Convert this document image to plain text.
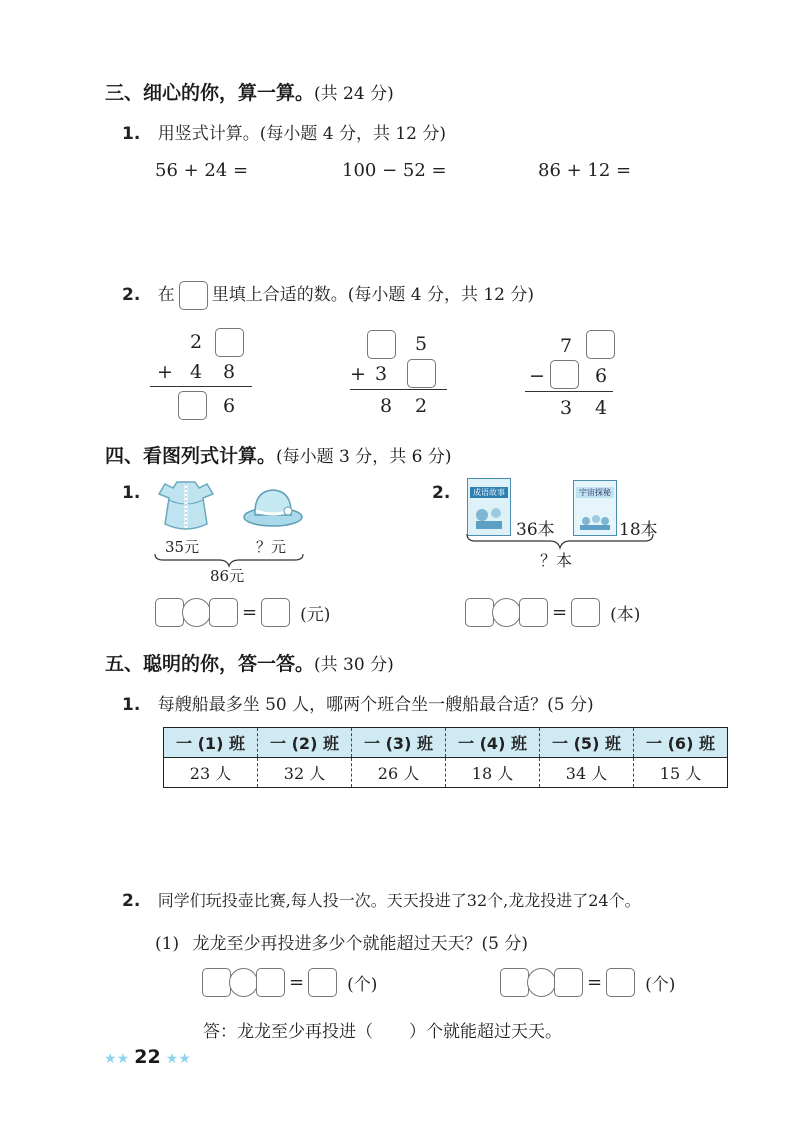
三、细心的你，算一算。(共 24 分)
1. 用竖式计算。(每小题 4 分，共 12 分)
56 + 24 =	100 − 52 =	86 + 12 =
2. 在 里填上合适的数。(每小题 4 分，共 12 分)
2
+ 4 8
6
5
+ 3
8 2
7
−	6
3 4
四、看图列式计算。(每小题 3 分，共 6 分)
1.
35元	？元
86元
=	(元)
2.	成语故事
36本
宇宙探秘
18本
？本
=	(本)
五、聪明的你，答一答。(共 30 分)
1. 每艘船最多坐 50 人，哪两个班合坐一艘船最合适？(5 分)
一 (1) 班	一 (2) 班	一 (3) 班	一 (4) 班	一 (5) 班	一 (6) 班
23 人	32 人	26 人	18 人	34 人	15 人
2. 同学们玩投壶比赛,每人投一次。天天投进了32个,龙龙投进了24个。
(1) 龙龙至少再投进多少个就能超过天天？(5 分)
=	(个)	=	(个)
答：龙龙至少再投进（ ）个就能超过天天。
★★ 22 ★★
